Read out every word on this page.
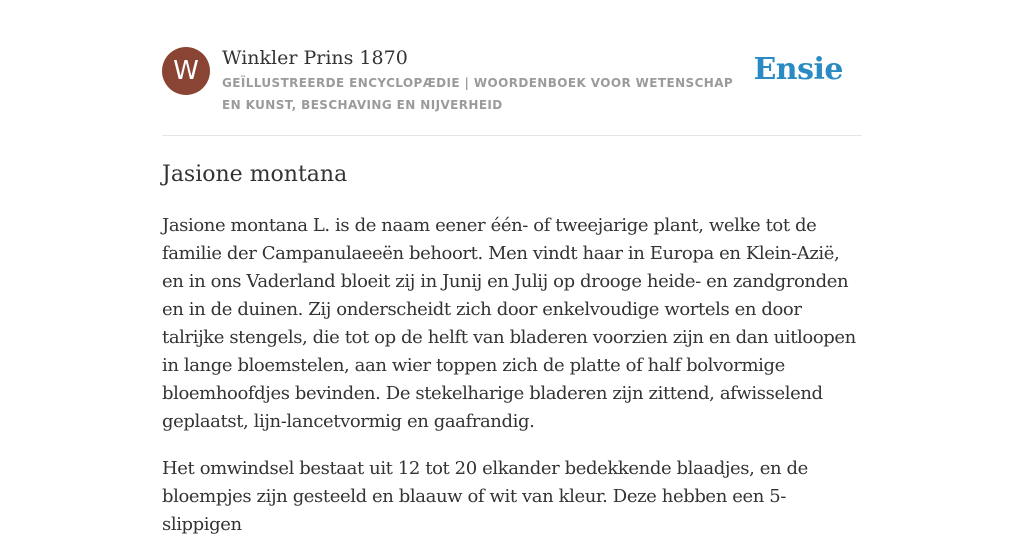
W	Winkler Prins 1870
GEÏLLUSTREERDE ENCYCLOPÆDIE | WOORDENBOEK VOOR WETENSCHAP EN KUNST, BESCHAVING EN NIJVERHEID
Ensie
Jasione montana

Jasione montana L. is de naam eener één- of tweejarige plant, welke tot de familie der Campanulaeeën behoort. Men vindt haar in Europa en Klein-Azië, en in ons Vaderland bloeit zij in Junij en Julij op drooge heide- en zandgronden en in de duinen. Zij onderscheidt zich door enkelvoudige wortels en door talrijke stengels, die tot op de helft van bladeren voorzien zijn en dan uitloopen in lange bloemstelen, aan wier toppen zich de platte of half bolvormige bloemhoofdjes bevinden. De stekelharige bladeren zijn zittend, afwisselend geplaatst, lijn-lancetvormig en gaafrandig.

Het omwindsel bestaat uit 12 tot 20 elkander bedekkende blaadjes, en de bloempjes zijn gesteeld en blaauw of wit van kleur. Deze hebben een 5-slippigen
